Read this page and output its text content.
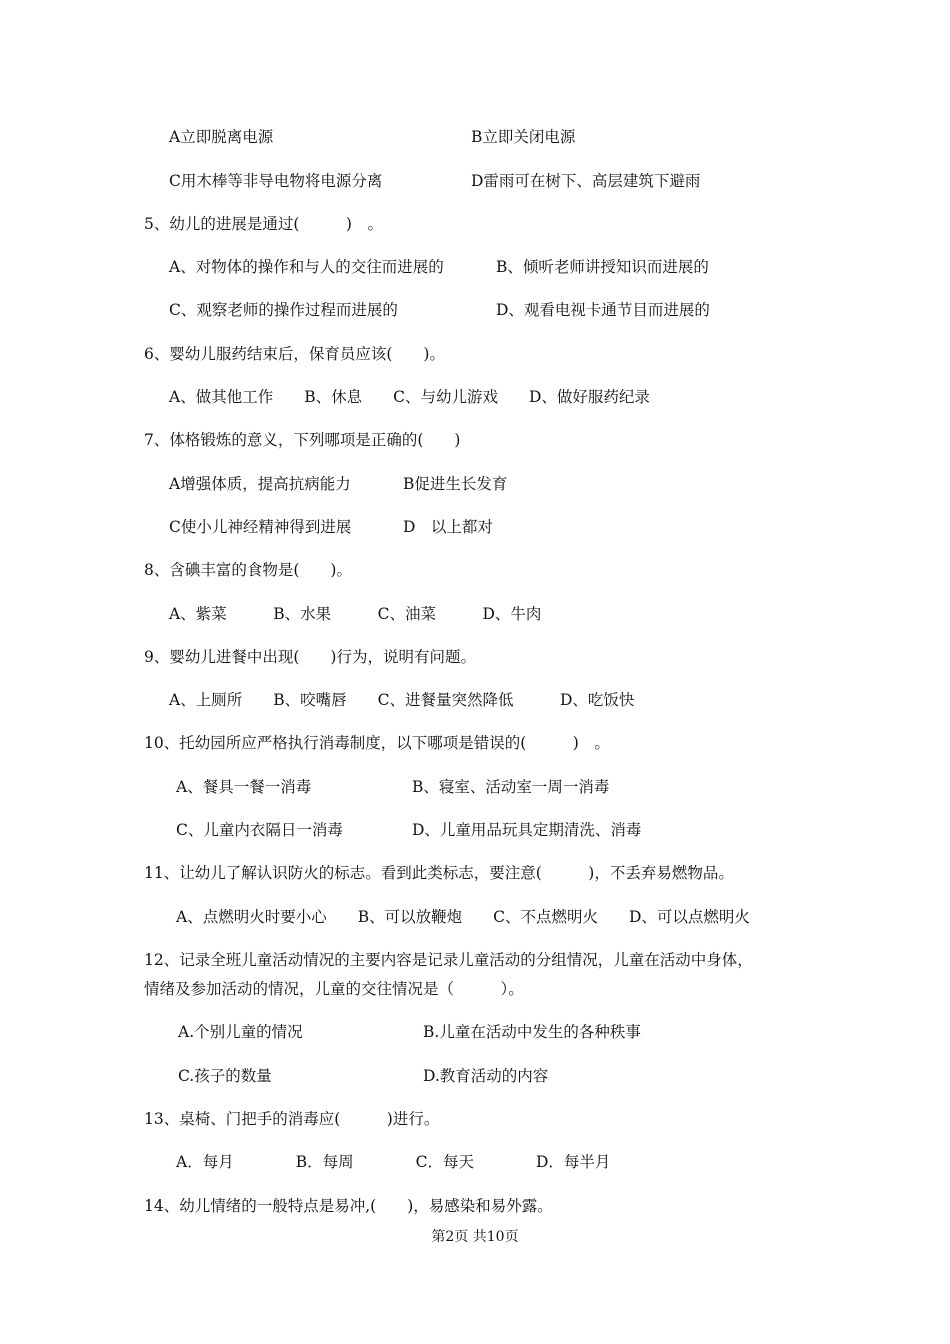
A立即脱离电源	B立即关闭电源
C用木棒等非导电物将电源分离	D雷雨可在树下、高层建筑下避雨
5、幼儿的进展是通过(　　　)　。
A、对物体的操作和与人的交往而进展的	B、倾听老师讲授知识而进展的
C、观察老师的操作过程而进展的	D、观看电视卡通节目而进展的
6、婴幼儿服药结束后，保育员应该(　　)。
A、做其他工作　　B、休息　　C、与幼儿游戏　　D、做好服药纪录
7、体格锻炼的意义，下列哪项是正确的(　　)
A增强体质，提高抗病能力	B促进生长发育
C使小儿神经精神得到进展	D　以上都对
8、含碘丰富的食物是(　　)。
A、紫菜　　　B、水果　　　C、油菜　　　D、牛肉
9、婴幼儿进餐中出现(　　)行为，说明有问题。
A、上厕所　　B、咬嘴唇　　C、进餐量突然降低　　　D、吃饭快
10、托幼园所应严格执行消毒制度，以下哪项是错误的(　　　)　。
A、餐具一餐一消毒	B、寝室、活动室一周一消毒
C、儿童内衣隔日一消毒	D、儿童用品玩具定期清洗、消毒
11、让幼儿了解认识防火的标志。看到此类标志，要注意(　　　)，不丢弃易燃物品。
A、点燃明火时要小心　　B、可以放鞭炮　　C、不点燃明火　　D、可以点燃明火
12、记录全班儿童活动情况的主要内容是记录儿童活动的分组情况，儿童在活动中身体，
情绪及参加活动的情况，儿童的交往情况是（　　　）。
A.个别儿童的情况	B.儿童在活动中发生的各种秩事
C.孩子的数量	D.教育活动的内容
13、桌椅、门把手的消毒应(　　　)进行。
A．每月　　　　B．每周　　　　C．每天　　　　D．每半月
14、幼儿情绪的一般特点是易冲,(　　)，易感染和易外露。
第2页 共10页
